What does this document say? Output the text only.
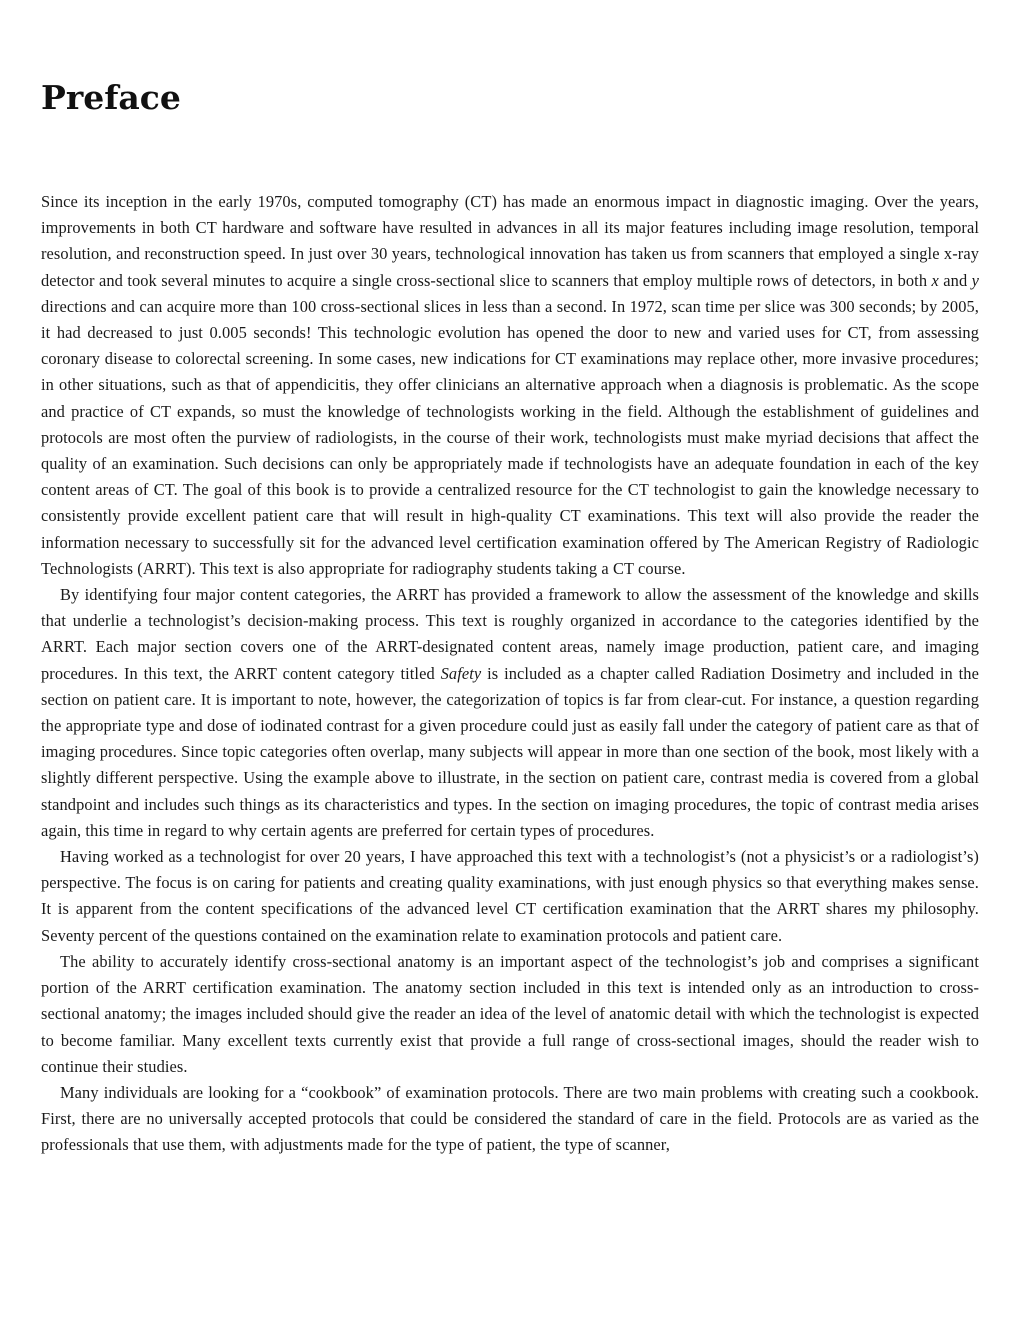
Preface

Since its inception in the early 1970s, computed tomography (CT) has made an enormous impact in diagnostic imaging. Over the years, improvements in both CT hardware and software have resulted in advances in all its major features including image resolution, temporal resolution, and reconstruction speed. In just over 30 years, technological innovation has taken us from scanners that employed a single x-ray detector and took several minutes to acquire a single cross-sectional slice to scanners that employ multiple rows of detectors, in both x and y directions and can acquire more than 100 cross-sectional slices in less than a second. In 1972, scan time per slice was 300 seconds; by 2005, it had decreased to just 0.005 seconds! This technologic evolution has opened the door to new and varied uses for CT, from assessing coronary disease to colorectal screening. In some cases, new indications for CT examinations may replace other, more invasive procedures; in other situations, such as that of appendicitis, they offer clinicians an alternative approach when a diagnosis is problematic. As the scope and practice of CT expands, so must the knowledge of technologists working in the field. Although the establishment of guidelines and protocols are most often the purview of radiologists, in the course of their work, technologists must make myriad decisions that affect the quality of an examination. Such decisions can only be appropriately made if technologists have an adequate foundation in each of the key content areas of CT. The goal of this book is to provide a centralized resource for the CT technologist to gain the knowledge necessary to consistently provide excellent patient care that will result in high-quality CT examinations. This text will also provide the reader the information necessary to successfully sit for the advanced level certification examination offered by The American Registry of Radiologic Technologists (ARRT). This text is also appropriate for radiography students taking a CT course.

By identifying four major content categories, the ARRT has provided a framework to allow the assessment of the knowledge and skills that underlie a technologist’s decision-making process. This text is roughly organized in accordance to the categories identified by the ARRT. Each major section covers one of the ARRT-designated content areas, namely image production, patient care, and imaging procedures. In this text, the ARRT content category titled Safety is included as a chapter called Radiation Dosimetry and included in the section on patient care. It is important to note, however, the categorization of topics is far from clear-cut. For instance, a question regarding the appropriate type and dose of iodinated contrast for a given procedure could just as easily fall under the category of patient care as that of imaging procedures. Since topic categories often overlap, many subjects will appear in more than one section of the book, most likely with a slightly different perspective. Using the example above to illustrate, in the section on patient care, contrast media is covered from a global standpoint and includes such things as its characteristics and types. In the section on imaging procedures, the topic of contrast media arises again, this time in regard to why certain agents are preferred for certain types of procedures.

Having worked as a technologist for over 20 years, I have approached this text with a technologist’s (not a physicist’s or a radiologist’s) perspective. The focus is on caring for patients and creating quality examinations, with just enough physics so that everything makes sense. It is apparent from the content specifications of the advanced level CT certification examination that the ARRT shares my philosophy. Seventy percent of the questions contained on the examination relate to examination protocols and patient care.

The ability to accurately identify cross-sectional anatomy is an important aspect of the technologist’s job and comprises a significant portion of the ARRT certification examination. The anatomy section included in this text is intended only as an introduction to cross-sectional anatomy; the images included should give the reader an idea of the level of anatomic detail with which the technologist is expected to become familiar. Many excellent texts currently exist that provide a full range of cross-sectional images, should the reader wish to continue their studies.

Many individuals are looking for a “cookbook” of examination protocols. There are two main problems with creating such a cookbook. First, there are no universally accepted protocols that could be considered the standard of care in the field. Protocols are as varied as the professionals that use them, with adjustments made for the type of patient, the type of scanner,
